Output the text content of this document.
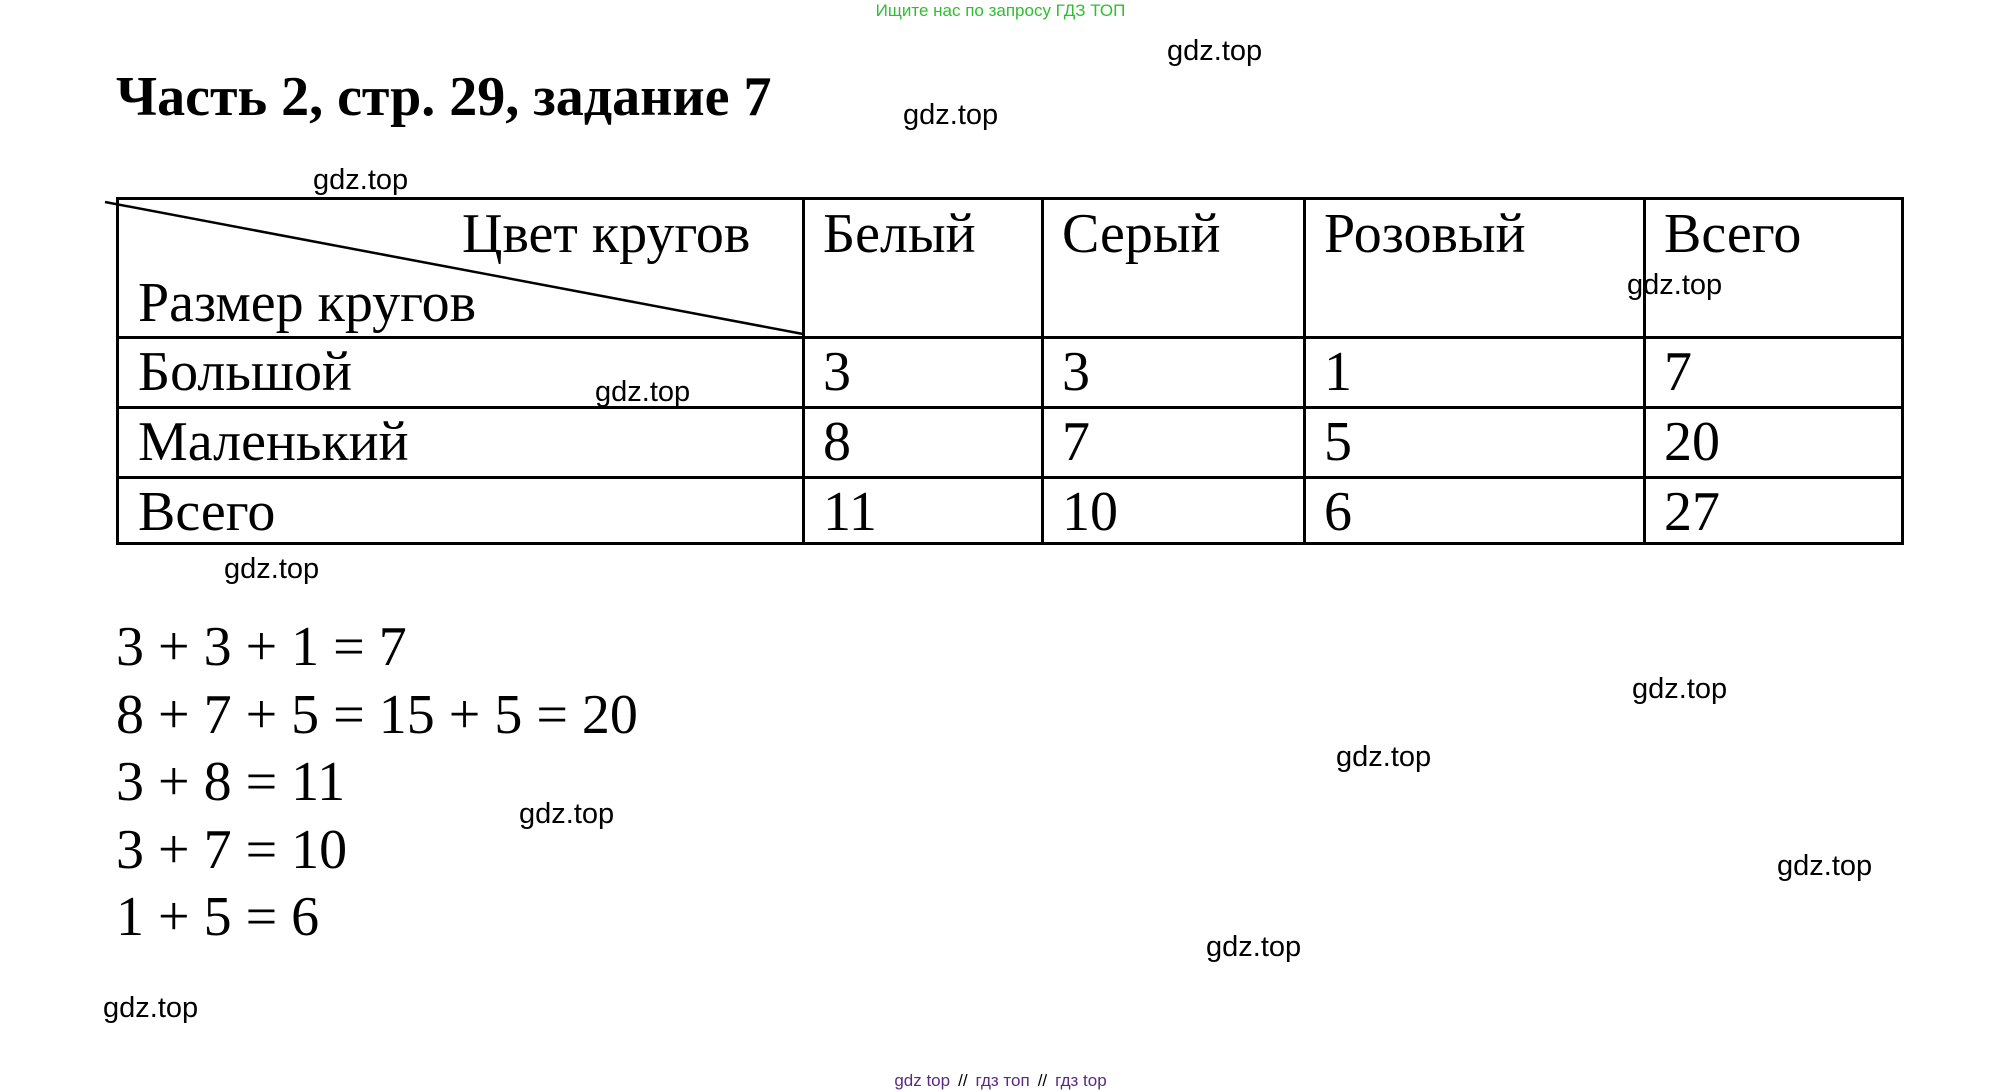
Ищите нас по запросу ГДЗ ТОП
Часть 2, стр. 29, задание 7
gdz.top
gdz.top
gdz.top
gdz.top
gdz.top
gdz.top
gdz.top
gdz.top
gdz.top
gdz.top
gdz.top
gdz.top
Цвет кругов
Размер кругов
Белый Серый Розовый Всего
Большой	3	3	1	7
Маленький	8	7	5	20
Всего	11	10	6	27
3 + 3 + 1 = 7
8 + 7 + 5 = 15 + 5 = 20
3 + 8 = 11
3 + 7 = 10
1 + 5 = 6
gdz top // гдз топ // гдз top
